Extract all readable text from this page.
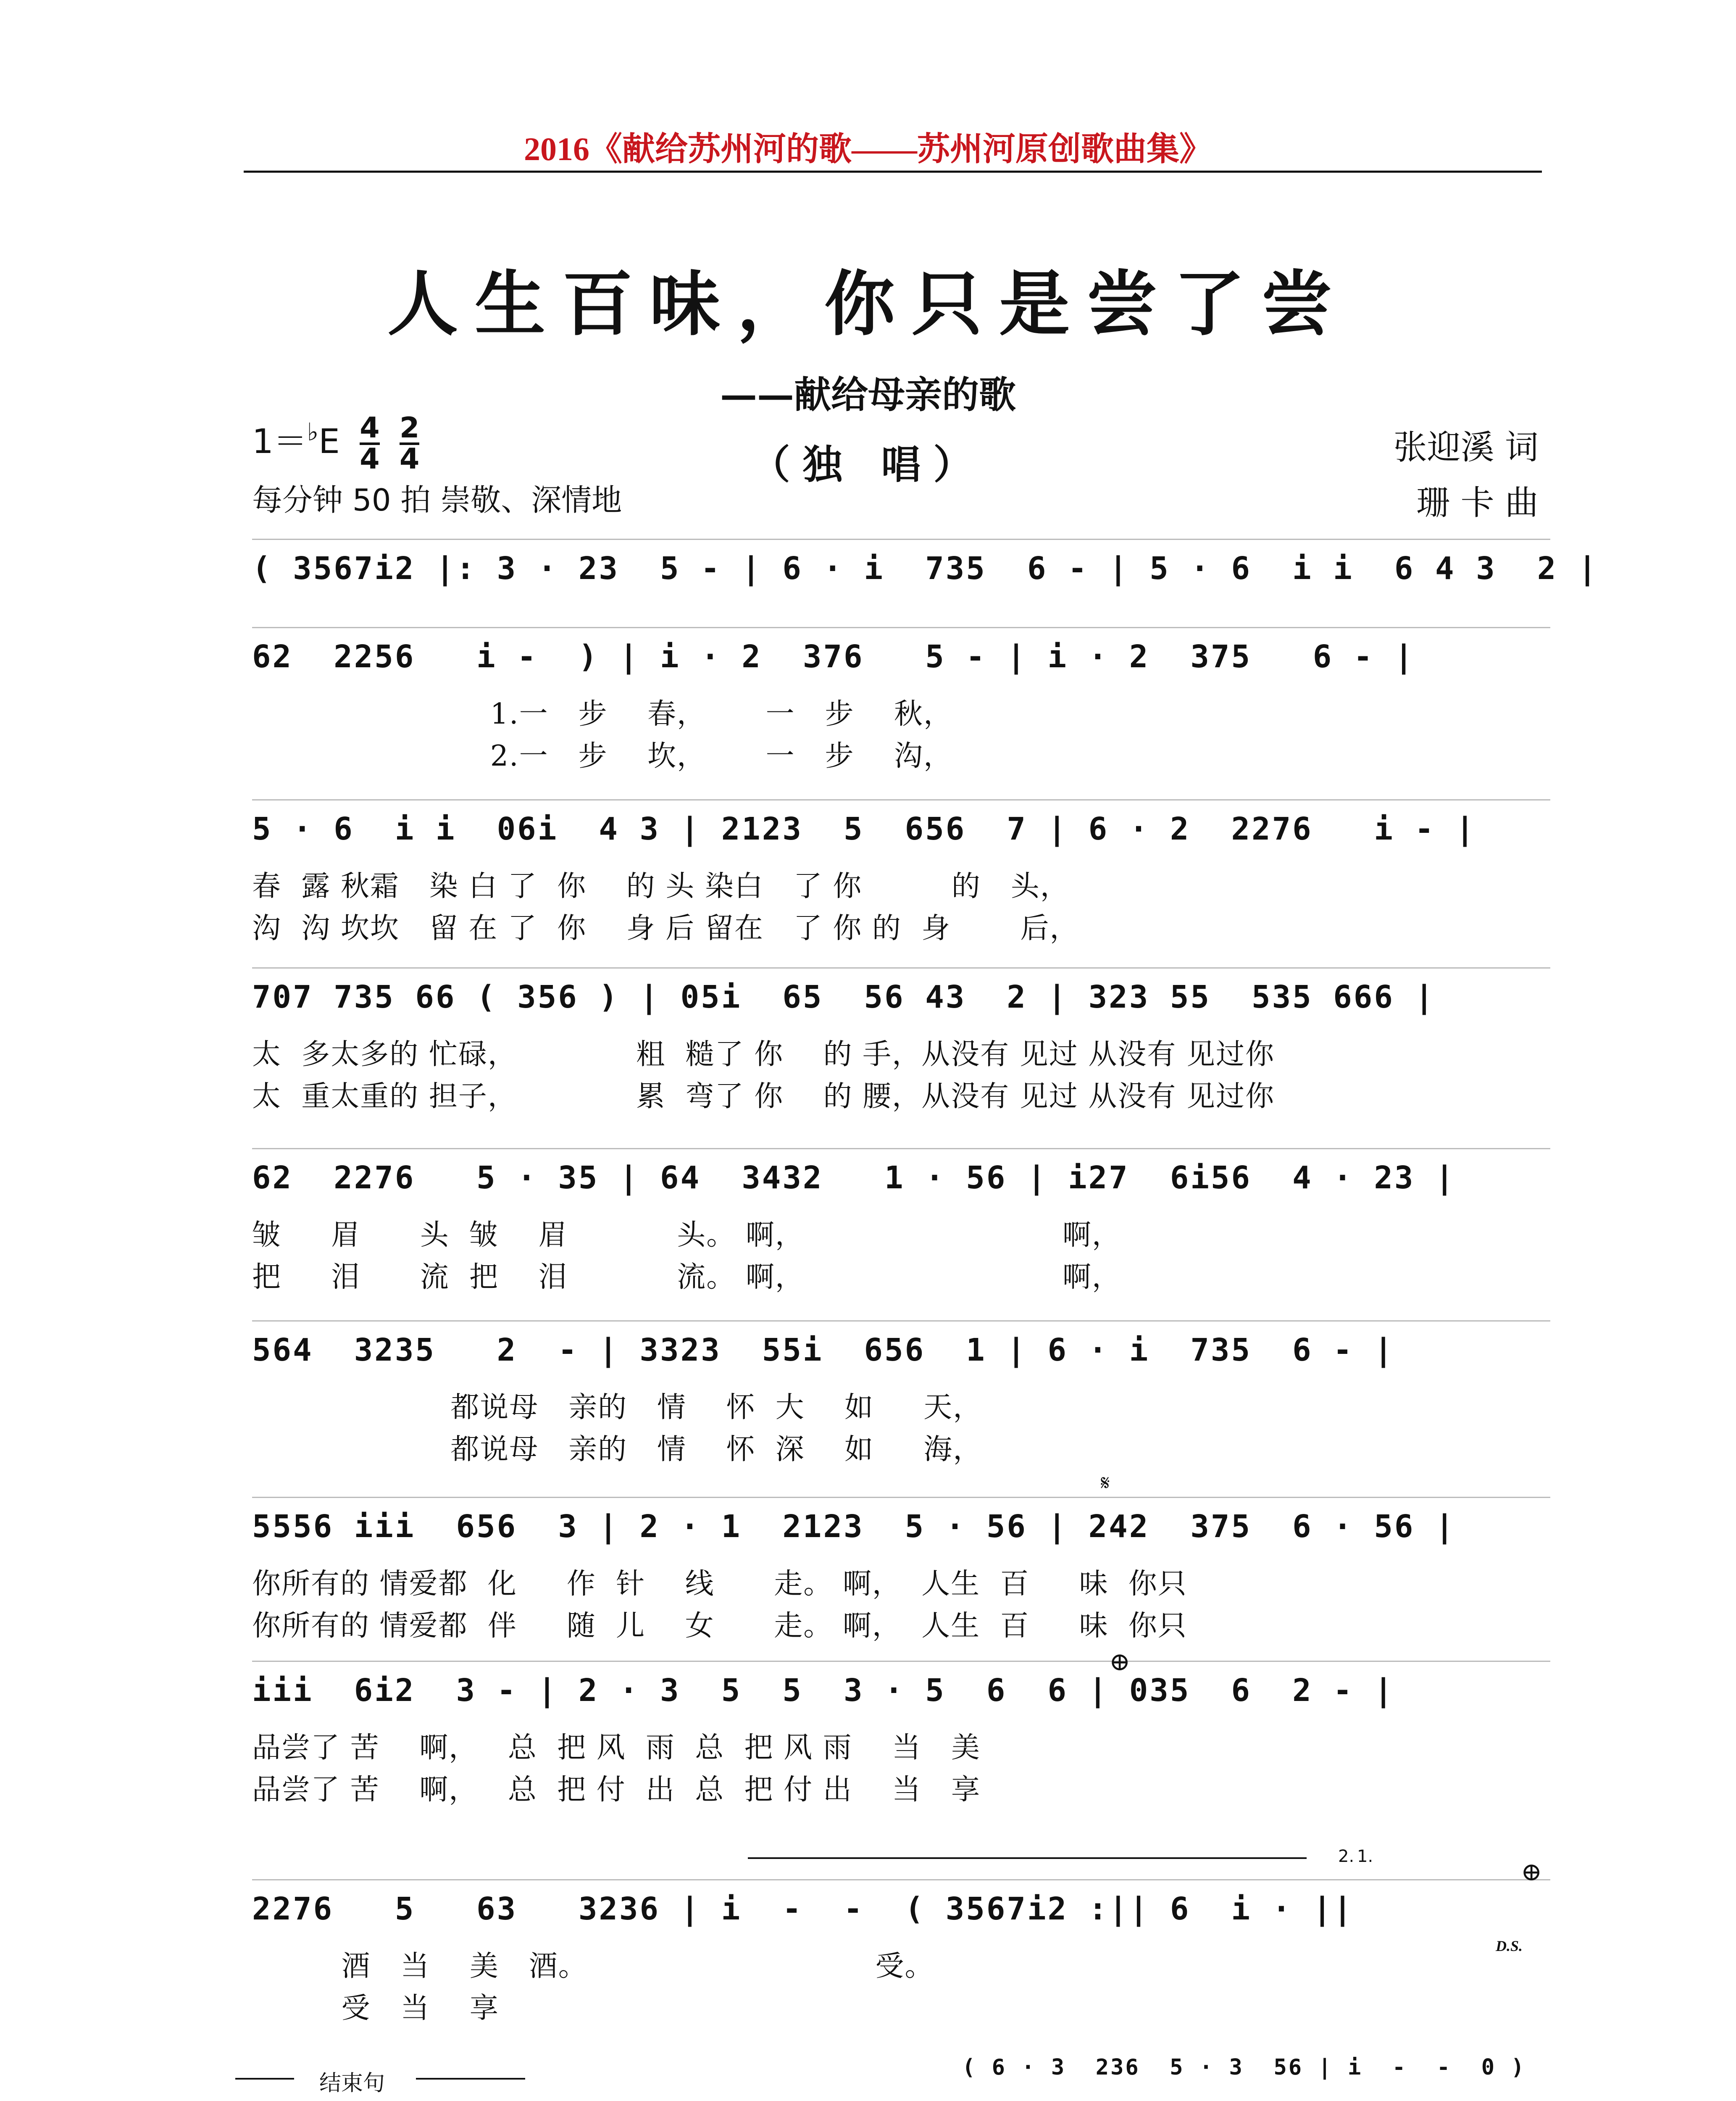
2016《献给苏州河的歌——苏州河原创歌曲集》
人生百味，你只是尝了尝
——献给母亲的歌
（独 唱）
$1=^♭E \frac{4}{4}$
$\frac{2}{4}$
每分钟 50 拍 崇敬、深情地
张迎溪 词
珊 卡 曲
( 3567i2 |: 3 · 23  5 - | 6 · i  735  6 - | 5 · 6  i i  6 4 3  2 |
62  2256   i -  ) | i · 2  376   5 - | i · 2  375   6 - |
1.一   步    春，      一   步    秋，
2.一   步    坎，      一   步    沟，
5 · 6  i i  06i  4 3 | 2123  5  656  7 | 6 · 2  2276   i - |
春  露 秋霜   染 白 了  你    的 头 染白   了 你         的   头，
沟  沟 坎坎   留 在 了  你    身 后 留在   了 你 的  身       后，
707 735 66 ( 356 ) | 05i  65  56 43  2 | 323 55  535 666 |
太  多太多的 忙碌，            粗  糙了 你    的 手，从没有 见过 从没有 见过你
太  重太重的 担子，            累  弯了 你    的 腰，从没有 见过 从没有 见过你
62  2276   5 · 35 | 64  3432   1 · 56 | i27  6i56  4 · 23 |
皱     眉      头  皱    眉           头。 啊，                          啊，
把     泪      流  把    泪           流。 啊，                          啊，
564  3235   2  - | 3323  55i  656  1 | 6 · i  735  6 - |
都说母   亲的   情    怀  大    如     天，
都说母   亲的   情    怀  深    如     海，
5556 iii  656  3 | 2 · 1  2123  5 · 56 | 242  375  6 · 56 |
你所有的 情爱都  化     作  针    线      走。 啊，  人生  百     味  你只
你所有的 情爱都  伴     随  儿    女      走。 啊，  人生  百     味  你只
iii  6i2  3 - | 2 · 3  5  5  3 · 5  6  6 | 035  6  2 - |
品尝了 苦    啊，   总  把 风  雨  总  把 风 雨    当   美
品尝了 苦    啊，   总  把 付  出  总  把 付 出    当   享
2276   5   63   3236 | i  -  -  ( 3567i2 :|| 6  i · ||
酒   当    美   酒。                             受。
受   当    享
1.
2.
D.S.
⊕
⊕
𝄋
结束句
( 6 · 3  236  5 · 3  56 | i  -  -  0 )
